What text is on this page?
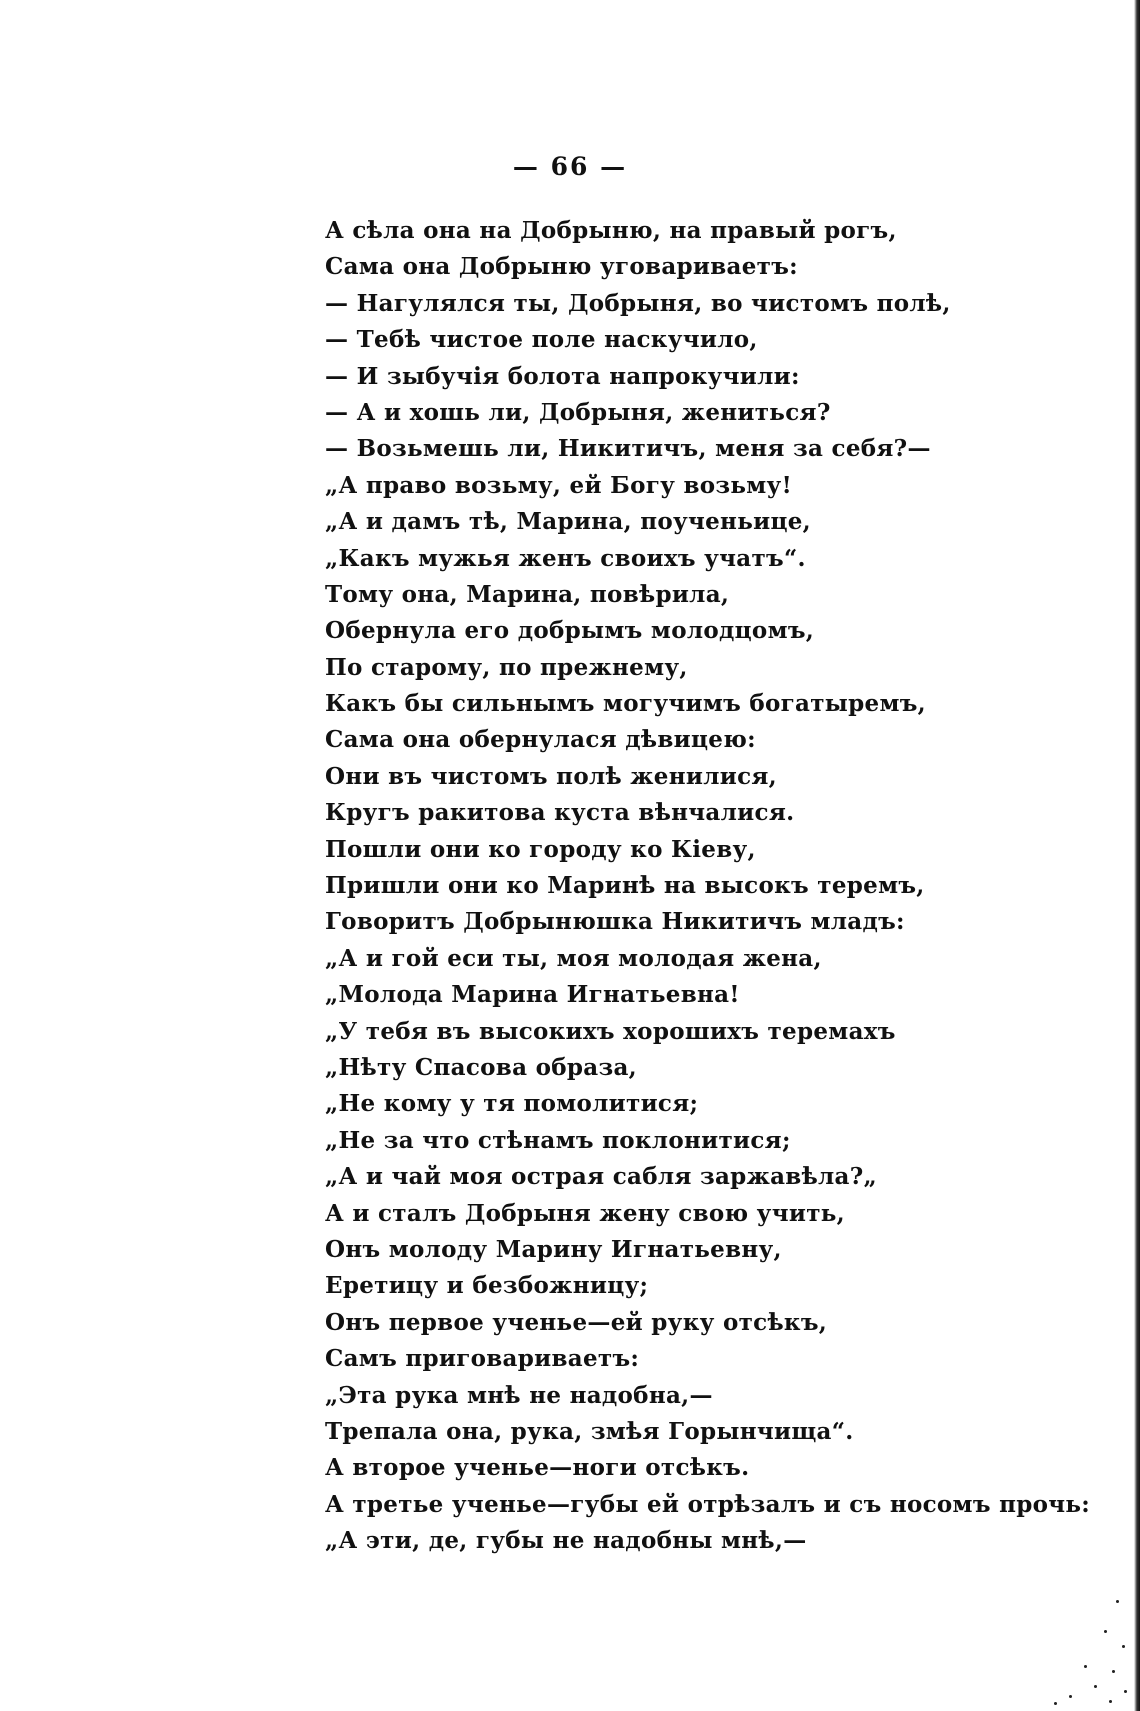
— 66 —
А сѣла она на Добрыню, на правый рогъ,
Сама она Добрыню уговариваетъ:
— Нагулялся ты, Добрыня, во чистомъ полѣ,
— Тебѣ чистое поле наскучило,
— И зыбучія болота напрокучили:
— А и хошь ли, Добрыня, жениться?
— Возьмешь ли, Никитичъ, меня за себя?—
„А право возьму, ей Богу возьму!
„А и дамъ тѣ, Марина, поученьице,
„Какъ мужья женъ своихъ учатъ“.
Тому она, Марина, повѣрила,
Обернула его добрымъ молодцомъ,
По старому, по прежнему,
Какъ бы сильнымъ могучимъ богатыремъ,
Сама она обернулася дѣвицею:
Они въ чистомъ полѣ женилися,
Кругъ ракитова куста вѣнчалися.
Пошли они ко городу ко Кіеву,
Пришли они ко Маринѣ на высокъ теремъ,
Говоритъ Добрынюшка Никитичъ младъ:
„А и гой еси ты, моя молодая жена,
„Молода Марина Игнатьевна!
„У тебя въ высокихъ хорошихъ теремахъ
„Нѣту Спасова образа,
„Не кому у тя помолитися;
„Не за что стѣнамъ поклонитися;
„А и чай моя острая сабля заржавѣла?„
А и сталъ Добрыня жену свою учить,
Онъ молоду Марину Игнатьевну,
Еретицу и безбожницу;
Онъ первое ученье—ей руку отсѣкъ,
Самъ приговариваетъ:
„Эта рука мнѣ не надобна,—
Трепала она, рука, змѣя Горынчища“.
А второе ученье—ноги отсѣкъ.
А третье ученье—губы ей отрѣзалъ и съ носомъ прочь:
„А эти, де, губы не надобны мнѣ,—
